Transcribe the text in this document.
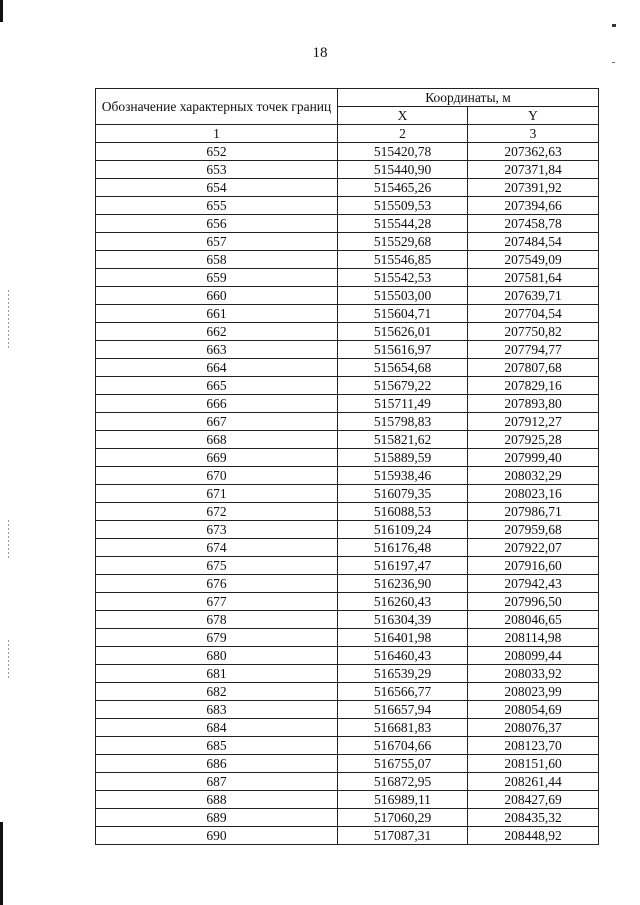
18
Обозначение характерных точек границ	Координаты, м	
	X	Y
1	2	3
652	515420,78	207362,63
653	515440,90	207371,84
654	515465,26	207391,92
655	515509,53	207394,66
656	515544,28	207458,78
657	515529,68	207484,54
658	515546,85	207549,09
659	515542,53	207581,64
660	515503,00	207639,71
661	515604,71	207704,54
662	515626,01	207750,82
663	515616,97	207794,77
664	515654,68	207807,68
665	515679,22	207829,16
666	515711,49	207893,80
667	515798,83	207912,27
668	515821,62	207925,28
669	515889,59	207999,40
670	515938,46	208032,29
671	516079,35	208023,16
672	516088,53	207986,71
673	516109,24	207959,68
674	516176,48	207922,07
675	516197,47	207916,60
676	516236,90	207942,43
677	516260,43	207996,50
678	516304,39	208046,65
679	516401,98	208114,98
680	516460,43	208099,44
681	516539,29	208033,92
682	516566,77	208023,99
683	516657,94	208054,69
684	516681,83	208076,37
685	516704,66	208123,70
686	516755,07	208151,60
687	516872,95	208261,44
688	516989,11	208427,69
689	517060,29	208435,32
690	517087,31	208448,92
